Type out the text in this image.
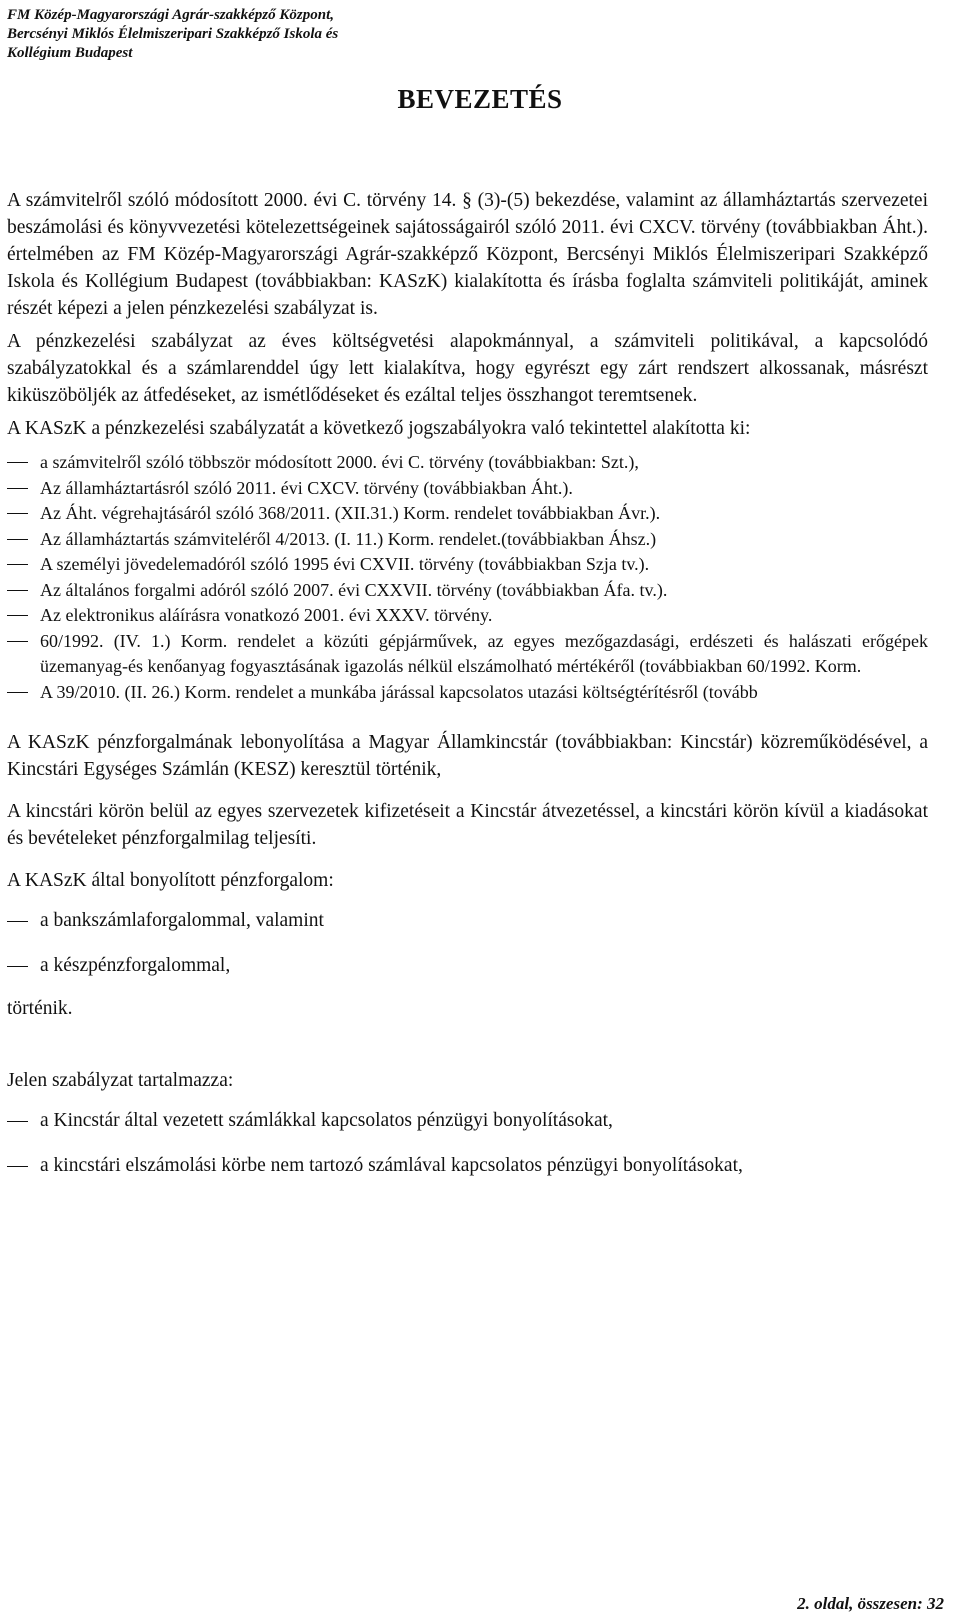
FM Közép-Magyarországi Agrár-szakképző Központ,
Bercsényi Miklós Élelmiszeripari Szakképző Iskola és
Kollégium Budapest
BEVEZETÉS

A számvitelről szóló módosított 2000. évi C. törvény 14. § (3)-(5) bekezdése, valamint az államháztartás szervezetei beszámolási és könyvvezetési kötelezettségeinek sajátosságairól szóló 2011. évi CXCV. törvény (továbbiakban Áht.). értelmében az FM Közép-Magyarországi Agrár-szakképző Központ, Bercsényi Miklós Élelmiszeripari Szakképző Iskola és Kollégium Budapest (továbbiakban: KASzK) kialakította és írásba foglalta számviteli politikáját, aminek részét képezi a jelen pénzkezelési szabályzat is.

A pénzkezelési szabályzat az éves költségvetési alapokmánnyal, a számviteli politikával, a kapcsolódó szabályzatokkal és a számlarenddel úgy lett kialakítva, hogy egyrészt egy zárt rendszert alkossanak, másrészt kiküszöböljék az átfedéseket, az ismétlődéseket és ezáltal teljes összhangot teremtsenek.

A KASzK a pénzkezelési szabályzatát a következő jogszabályokra való tekintettel alakította ki:

a számvitelről szóló többször módosított 2000. évi C. törvény (továbbiakban: Szt.),
Az államháztartásról szóló 2011. évi CXCV. törvény (továbbiakban Áht.).
Az Áht. végrehajtásáról szóló 368/2011. (XII.31.) Korm. rendelet továbbiakban Ávr.).
Az államháztartás számviteléről 4/2013. (I. 11.) Korm. rendelet.(továbbiakban Áhsz.)
A személyi jövedelemadóról szóló 1995 évi CXVII. törvény (továbbiakban Szja tv.).
Az általános forgalmi adóról szóló 2007. évi CXXVII. törvény (továbbiakban Áfa. tv.).
Az elektronikus aláírásra vonatkozó 2001. évi XXXV. törvény.
60/1992. (IV. 1.) Korm. rendelet a közúti gépjárművek, az egyes mezőgazdasági, erdészeti és halászati erőgépek üzemanyag-és kenőanyag fogyasztásának igazolás nélkül elszámolható mértékéről (továbbiakban 60/1992. Korm.
A 39/2010. (II. 26.) Korm. rendelet a munkába járással kapcsolatos utazási költségtérítésről (tovább

A KASzK pénzforgalmának lebonyolítása a Magyar Államkincstár (továbbiakban: Kincstár) közreműködésével, a Kincstári Egységes Számlán (KESZ) keresztül történik,

A kincstári körön belül az egyes szervezetek kifizetéseit a Kincstár átvezetéssel, a kincstári körön kívül a kiadásokat és bevételeket pénzforgalmilag teljesíti.

A KASzK által bonyolított pénzforgalom:

a bankszámlaforgalommal, valamint
a készpénzforgalommal,

történik.

Jelen szabályzat tartalmazza:

a Kincstár által vezetett számlákkal kapcsolatos pénzügyi bonyolításokat,
a kincstári elszámolási körbe nem tartozó számlával kapcsolatos pénzügyi bonyolításokat,
2. oldal, összesen: 32
